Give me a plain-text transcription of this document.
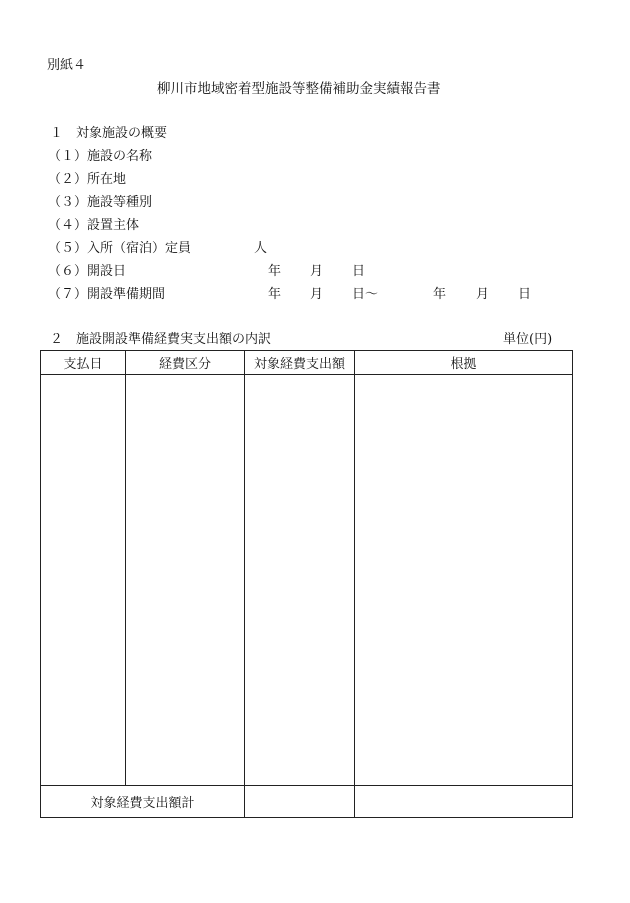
別紙４
柳川市地域密着型施設等整備補助金実績報告書
１　対象施設の概要
（１）施設の名称
（２）所在地
（３）施設等種別
（４）設置主体
（５）入所（宿泊）定員	人
（６）開設日	年 月 日
（７）開設準備期間	年 月 日～	年 月 日
２　施設開設準備経費実支出額の内訳	単位(円)
支払日	経費区分	対象経費支出額	根拠

対象経費支出額計			
